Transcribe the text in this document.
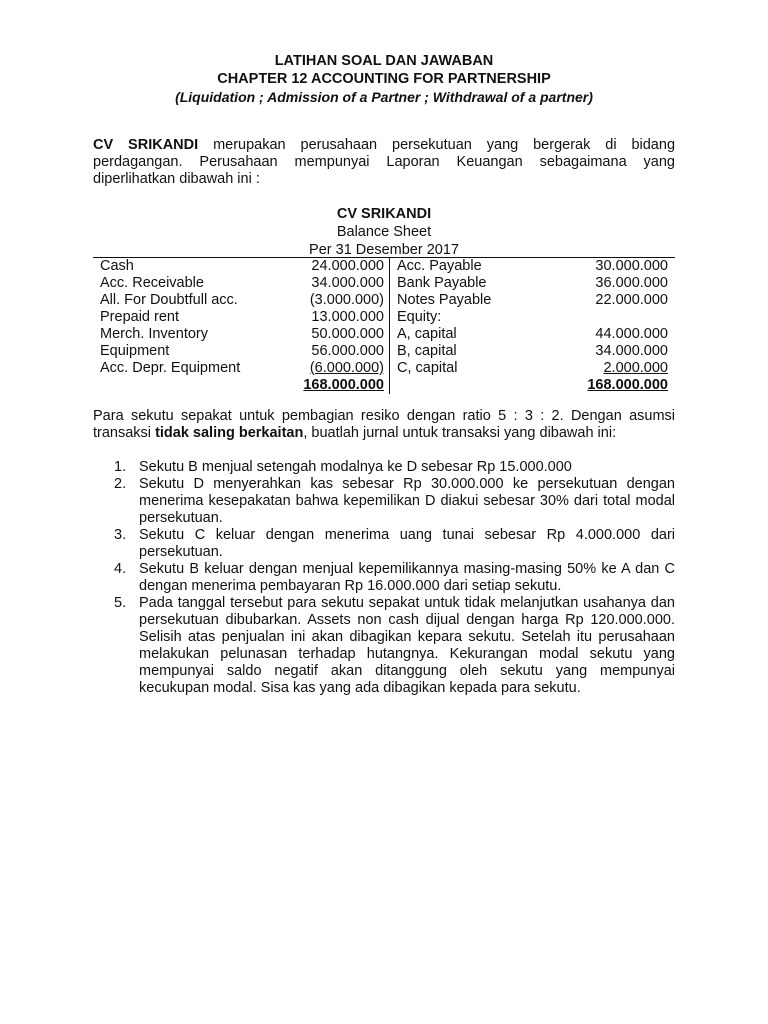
LATIHAN SOAL DAN JAWABAN
CHAPTER 12 ACCOUNTING FOR PARTNERSHIP
(Liquidation ; Admission of a Partner ; Withdrawal of a partner)

CV SRIKANDI merupakan perusahaan persekutuan yang bergerak di bidang perdagangan. Perusahaan mempunyai Laporan Keuangan sebagaimana yang diperlihatkan dibawah ini :

CV SRIKANDI
Balance Sheet
Per 31 Desember 2017
Cash	24.000.000	Acc. Payable	30.000.000
Acc. Receivable	34.000.000	Bank Payable	36.000.000
All. For Doubtfull acc.	(3.000.000)	Notes Payable	22.000.000
Prepaid rent	13.000.000	Equity:	
Merch. Inventory	50.000.000	A, capital	44.000.000
Equipment	56.000.000	B, capital	34.000.000
Acc. Depr. Equipment	(6.000.000)	C, capital	2.000.000
	168.000.000		168.000.000

Para sekutu sepakat untuk pembagian resiko dengan ratio 5 : 3 : 2. Dengan asumsi transaksi tidak saling berkaitan, buatlah jurnal untuk transaksi yang dibawah ini:

1. Sekutu B menjual setengah modalnya ke D sebesar Rp 15.000.000
2. Sekutu D menyerahkan kas sebesar Rp 30.000.000 ke persekutuan dengan menerima kesepakatan bahwa kepemilikan D diakui sebesar 30% dari total modal persekutuan.
3. Sekutu C keluar dengan menerima uang tunai sebesar Rp 4.000.000 dari persekutuan.
4. Sekutu B keluar dengan menjual kepemilikannya masing-masing 50% ke A dan C dengan menerima pembayaran Rp 16.000.000 dari setiap sekutu.
5. Pada tanggal tersebut para sekutu sepakat untuk tidak melanjutkan usahanya dan persekutuan dibubarkan. Assets non cash dijual dengan harga Rp 120.000.000. Selisih atas penjualan ini akan dibagikan kepara sekutu. Setelah itu perusahaan melakukan pelunasan terhadap hutangnya. Kekurangan modal sekutu yang mempunyai saldo negatif akan ditanggung oleh sekutu yang mempunyai kecukupan modal. Sisa kas yang ada dibagikan kepada para sekutu.
